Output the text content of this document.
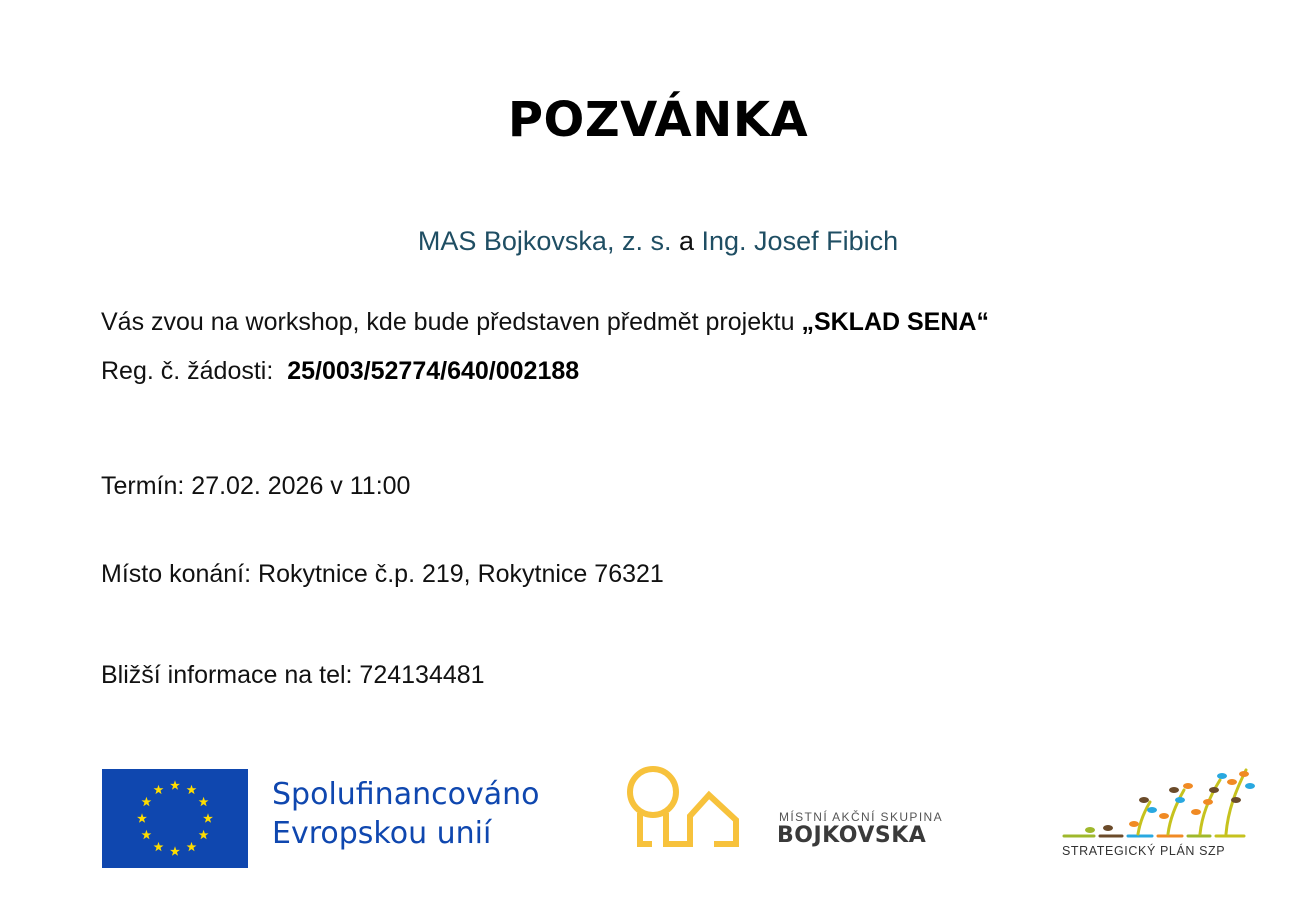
POZVÁNKA
MAS Bojkovska, z. s. a Ing. Josef Fibich
Vás zvou na workshop, kde bude představen předmět projektu „SKLAD SENA“
Reg. č. žádosti: 25/003/52774/640/002188
Termín: 27.02. 2026 v 11:00
Místo konání: Rokytnice č.p. 219, Rokytnice 76321
Bližší informace na tel: 724134481
Spolufinancováno
Evropskou unií	MÍSTNÍ AKČNÍ SKUPINA
BOJKOVSKA
STRATEGICKÝ PLÁN SZP
